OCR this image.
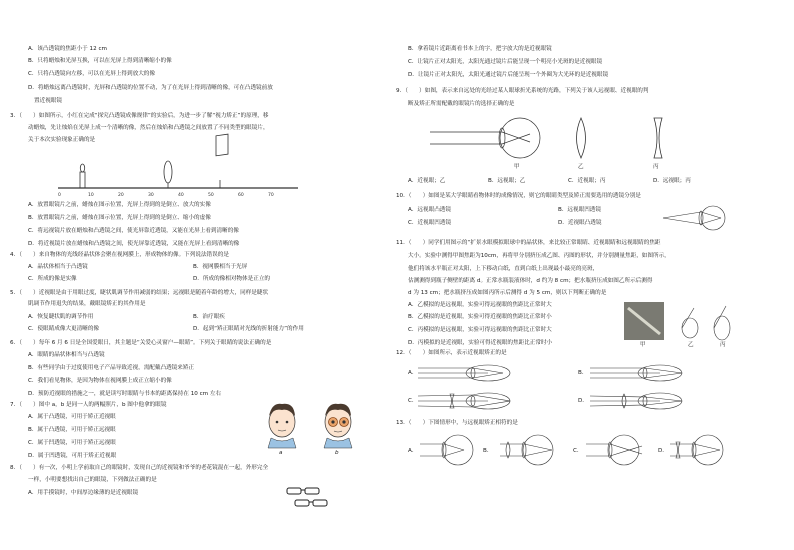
A．该凸透镜的焦距小于 12 cm
B．只将蜡烛和光屏互换，可以在光屏上得到清晰缩小的像
C．只将凸透镜向左移，可以在光屏上得到放大的像
D．将蜡烛远离凸透镜时，光屏和凸透镜的位置不动，为了在光屏上得到清晰的像，可在凸透镜前放
置近视眼镜
3．（　　）如图所示，小红在完成“探究凸透镜成像规律”的实验后，为进一步了解“视力矫正”的原理，移
动蜡烛，先让烛焰在光屏上成一个清晰的像，然后在烛焰和凸透镜之间放置了不同类型的眼镜片，
关于本次实验现象正确的是
0	10	20	30	40	50	60	70
A．放置眼镜片之前，蜡烛在图示位置，光屏上得到的是倒立、放大的实像
B．放置眼镜片之前，蜡烛在图示位置，光屏上得到的是倒立、缩小的虚像
C．将远视镜片放在蜡烛和凸透镜之间，使光屏靠近透镜，又能在光屏上看到清晰的像
D．将近视镜片放在蜡烛和凸透镜之间，使光屏靠近透镜，又能在光屏上看到清晰的像
4．（　　）来自物体的光线经晶状体会聚在视网膜上，形成物体的像。下列说法错误的是
A．晶状体相当于凸透镜	B．视网膜相当于光屏
C．所成的像是实像	D．所成的像相对物体是正立的
5．（　　）近视眼是由于用眼过度，睫状肌调节作用减弱的结果；远视眼是随着年龄的增大，同样是睫状
肌调节作用退失的结果，戴眼镜矫正的其作用是
A．恢复睫状肌的调节作用	B．治疗眼疾
C．使眼睛成像大更清晰的像	D．起到“矫正眼睛对光线的折射能力”的作用
6．（　　）每年 6 月 6 日是全国爱眼日，其主题是“关爱心灵窗户—眼睛”。下列关于眼睛的说法正确的是
A．眼睛的晶状体相当与凸透镜
B．有些同学由于过度使用电子产品导致近视，需配戴凸透镜来矫正
C．我们看见物体，是因为物体在视网膜上成正立缩小的像
D．预防近视眼的措施之一，就是读写时眼睛与书本的距离保持在 10 cm 左右
7．（　　）图中 a，b 是同一人的两幅照片，b 图中他拿的眼镜
A．属于凸透镜，可用于矫正近视眼
B．属于凸透镜，可用于矫正远视眼
C．属于凹透镜，可用于矫正远视眼
D．属于凹透镜，可用于矫正近视眼	a	b
8．（　　）有一次，小明上学前取自己的眼镜时，发现自己的近视镜和爷爷的老花镜混在一起，外形完全
一样，小明要想找出自己的眼镜，下列做法正确的是
A．用手摸镜时，中间厚边缘薄的是近视眼镜
B．拿着镜片近距离看书本上的字，把字放大的是近视眼镜
C．让镜片正对太阳光，太阳光通过镜片后能呈现一个明亮小光斑的是近视眼镜
D．让镜片正对太阳光，太阳光通过镜片后能呈现一个外圈为大光环的是近视眼镜
9．（　　）如图，表示来自远处的光经过某人眼球折光系统的光路，下列关于该人远视眼、近视眼的判
断及矫正所需配戴的眼镜片的选择正确的是
甲	乙	丙
A．近视眼；乙	B．远视眼；乙	C．近视眼；丙	D．远视眼；丙
10．（　　）如图是某大学眼睛看物体时的成像情况，则它的眼睛类型及矫正需要选用的透镜分别是
A．远视眼凸透镜	B．远视眼凹透镜
C．近视眼凹透镜	D．近视眼凸透镜
11．（　　）同学们用图示的“扩景水眼模拟眼球中的晶状体，来比较正常眼睛、近视眼睛和远视眼睛的焦距
大小。实验中测得甲图焦距为10cm，再将甲分别挤压成乙图、丙图的形状，并分别测量焦距，如图所示，
他们将该水平瓶正对太阳，上下移动白纸，直到白纸上出现最小最亮的亮斑，
估测测得到瓶子侧壁的距离 d。正常水瓶装液体时，d 约为 8 cm；把水瓶挤压成如图乙所示后测得
d 为 13 cm；把水瓶挤压成如图丙所示后测得 d 为 5 cm，则以下判断正确的是
A．乙模拟的是远视眼，实验可得远视眼的焦距比正常时大
B．乙模拟的是近视眼，实验可得近视眼的焦距比正常时小
C．丙模拟的是远视眼，实验可得远视眼的焦距比正常时大
D．丙模拟的是近视眼，实验可得近视眼的焦距比正常时小	甲	乙	丙
12．（　　）如图所示，表示近视眼矫正的是
A．	B．
C．	D．
13．（　　）下图情形中，与远视眼矫正相符的是
A．	B．	C．	D．
